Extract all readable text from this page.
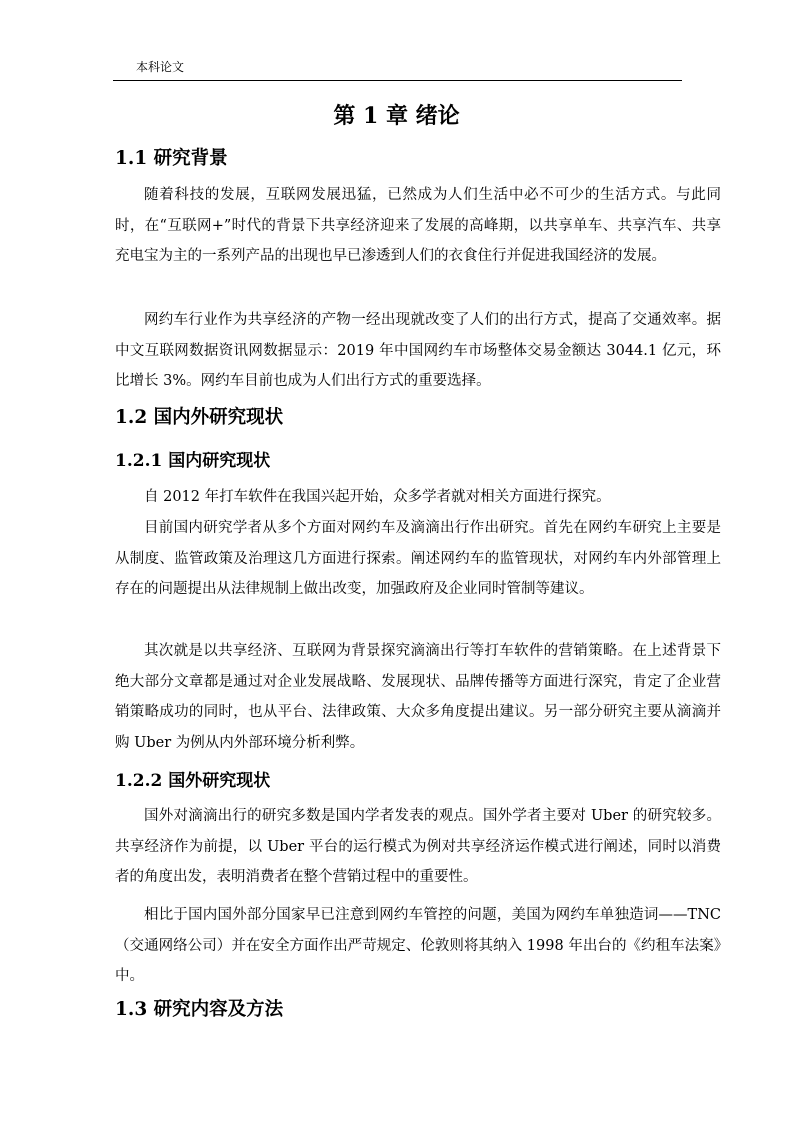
本科论文
第 1 章 绪论
1.1 研究背景

随着科技的发展，互联网发展迅猛，已然成为人们生活中必不可少的生活方式。与此同时，在“互联网+”时代的背景下共享经济迎来了发展的高峰期，以共享单车、共享汽车、共享充电宝为主的一系列产品的出现也早已渗透到人们的衣食住行并促进我国经济的发展。

网约车行业作为共享经济的产物一经出现就改变了人们的出行方式，提高了交通效率。据中文互联网数据资讯网数据显示：2019 年中国网约车市场整体交易金额达 3044.1 亿元，环比增长 3%。网约车目前也成为人们出行方式的重要选择。

1.2 国内外研究现状
1.2.1 国内研究现状

自 2012 年打车软件在我国兴起开始，众多学者就对相关方面进行探究。

目前国内研究学者从多个方面对网约车及滴滴出行作出研究。首先在网约车研究上主要是从制度、监管政策及治理这几方面进行探索。阐述网约车的监管现状，对网约车内外部管理上存在的问题提出从法律规制上做出改变，加强政府及企业同时管制等建议。

其次就是以共享经济、互联网为背景探究滴滴出行等打车软件的营销策略。在上述背景下绝大部分文章都是通过对企业发展战略、发展现状、品牌传播等方面进行深究，肯定了企业营销策略成功的同时，也从平台、法律政策、大众多角度提出建议。另一部分研究主要从滴滴并购 Uber 为例从内外部环境分析利弊。

1.2.2 国外研究现状

国外对滴滴出行的研究多数是国内学者发表的观点。国外学者主要对 Uber 的研究较多。共享经济作为前提，以 Uber 平台的运行模式为例对共享经济运作模式进行阐述，同时以消费者的角度出发，表明消费者在整个营销过程中的重要性。

相比于国内国外部分国家早已注意到网约车管控的问题，美国为网约车单独造词——TNC（交通网络公司）并在安全方面作出严苛规定、伦敦则将其纳入 1998 年出台的《约租车法案》中。

1.3 研究内容及方法
